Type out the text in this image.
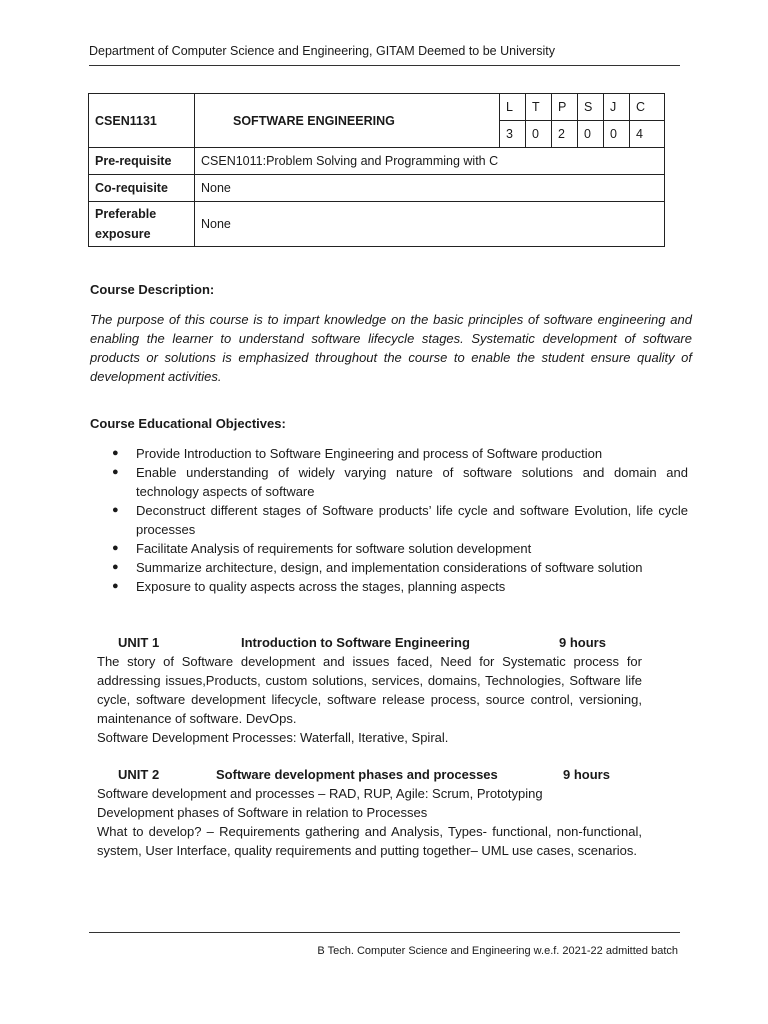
Department of Computer Science and Engineering, GITAM Deemed to be University
CSEN1131	SOFTWARE ENGINEERING	L	T	P	S	J	C
		3	0	2	0	0	4
Pre-requisite	CSEN1011:Problem Solving and Programming with C						
Co-requisite	None						
Preferable exposure	None						
Course Description:
The purpose of this course is to impart knowledge on the basic principles of software engineering and enabling the learner to understand software lifecycle stages. Systematic development of software products or solutions is emphasized throughout the course to enable the student ensure quality of development activities.
Course Educational Objectives:
● Provide Introduction to Software Engineering and process of Software production
● Enable understanding of widely varying nature of software solutions and domain and technology aspects of software
● Deconstruct different stages of Software products’ life cycle and software Evolution, life cycle processes
● Facilitate Analysis of requirements for software solution development
● Summarize architecture, design, and implementation considerations of software solution
● Exposure to quality aspects across the stages, planning aspects
UNIT 1	Introduction to Software Engineering	9 hours

The story of Software development and issues faced, Need for Systematic process for addressing issues,Products, custom solutions, services, domains, Technologies, Software life cycle, software development lifecycle, software release process, source control, versioning, maintenance of software. DevOps.

Software Development Processes: Waterfall, Iterative, Spiral.

UNIT 2	Software development phases and processes	9 hours

Software development and processes – RAD, RUP, Agile: Scrum, Prototyping

Development phases of Software in relation to Processes

What to develop? – Requirements gathering and Analysis, Types- functional, non-functional, system, User Interface, quality requirements and putting together– UML use cases, scenarios.

B Tech. Computer Science and Engineering w.e.f. 2021-22 admitted batch
